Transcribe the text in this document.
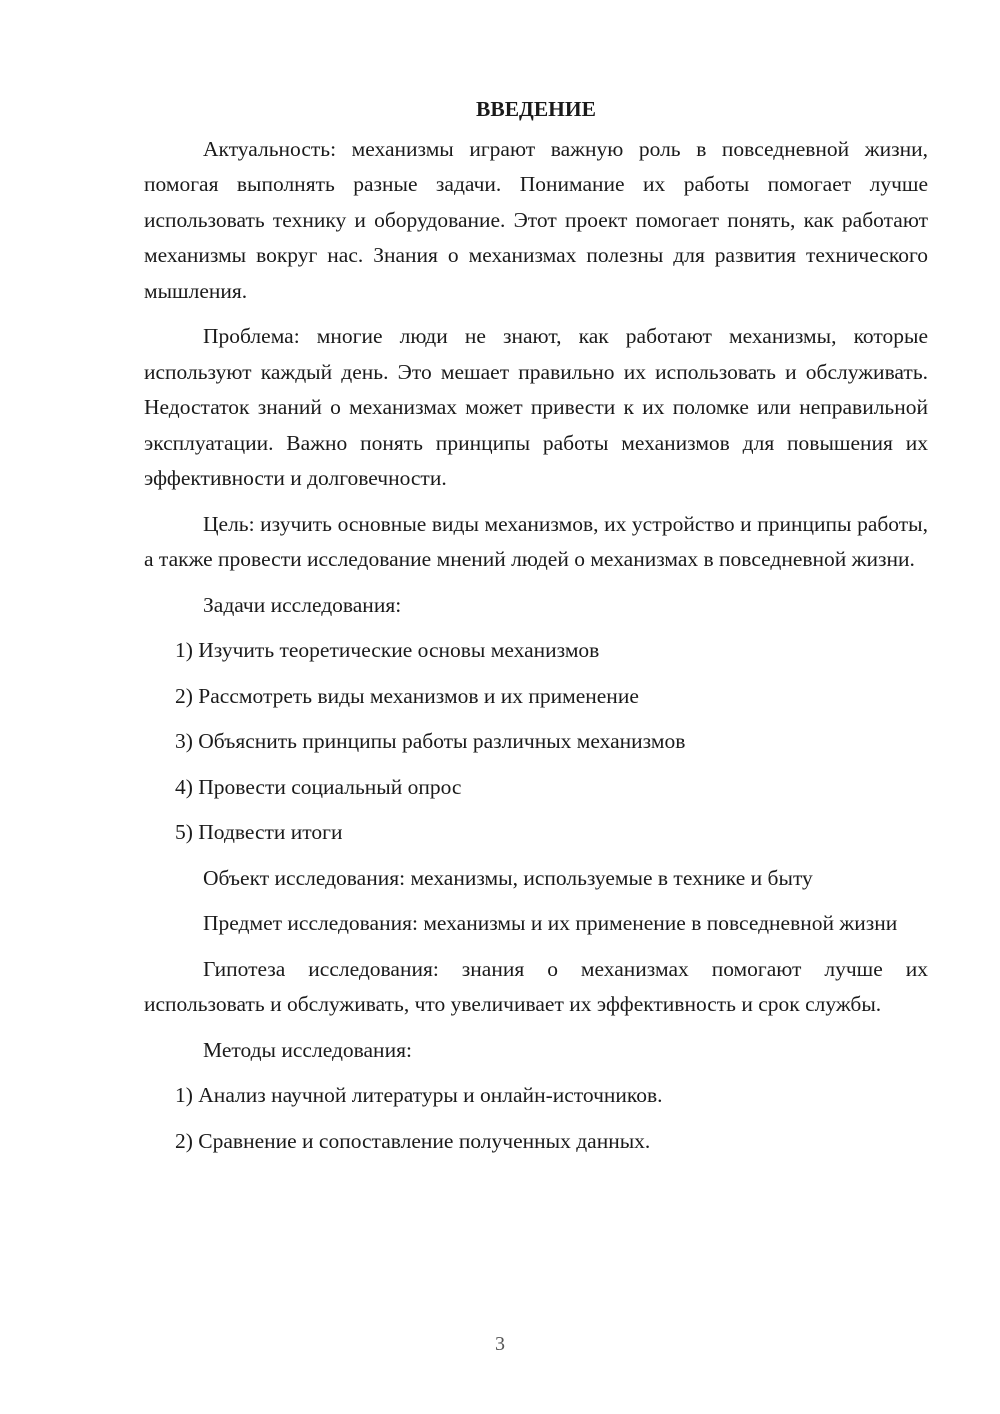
ВВЕДЕНИЕ

Актуальность: механизмы играют важную роль в повседневной жизни, помогая выполнять разные задачи. Понимание их работы помогает лучше использовать технику и оборудование. Этот проект помогает понять, как работают механизмы вокруг нас. Знания о механизмах полезны для развития технического мышления.

Проблема: многие люди не знают, как работают механизмы, которые используют каждый день. Это мешает правильно их использовать и обслуживать. Недостаток знаний о механизмах может привести к их поломке или неправильной эксплуатации. Важно понять принципы работы механизмов для повышения их эффективности и долговечности.

Цель: изучить основные виды механизмов, их устройство и принципы работы, а также провести исследование мнений людей о механизмах в повседневной жизни.

Задачи исследования:

1) Изучить теоретические основы механизмов
2) Рассмотреть виды механизмов и их применение
3) Объяснить принципы работы различных механизмов
4) Провести социальный опрос
5) Подвести итоги

Объект исследования: механизмы, используемые в технике и быту

Предмет исследования: механизмы и их применение в повседневной жизни

Гипотеза исследования: знания о механизмах помогают лучше их использовать и обслуживать, что увеличивает их эффективность и срок службы.

Методы исследования:

1) Анализ научной литературы и онлайн-источников.
2) Сравнение и сопоставление полученных данных.
3
